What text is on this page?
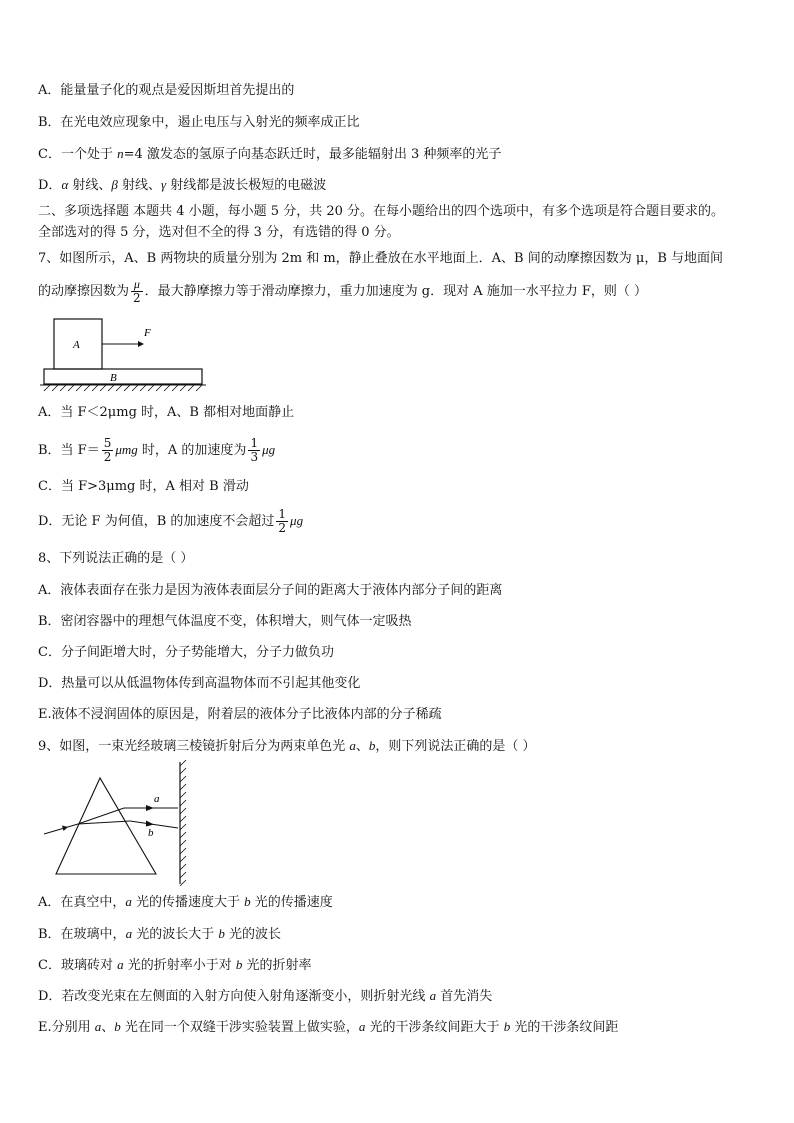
A．能量量子化的观点是爱因斯坦首先提出的
B．在光电效应现象中，遏止电压与入射光的频率成正比
C．一个处于 n=4 激发态的氢原子向基态跃迁时，最多能辐射出 3 种频率的光子
D．α 射线、β 射线、γ 射线都是波长极短的电磁波
二、多项选择题 本题共 4 小题，每小题 5 分，共 20 分。在每小题给出的四个选项中，有多个选项是符合题目要求的。
全部选对的得 5 分，选对但不全的得 3 分，有选错的得 0 分。
7、如图所示，A、B 两物块的质量分别为 2m 和 m，静止叠放在水平地面上．A、B 间的动摩擦因数为 μ，B 与地面间
的动摩擦因数为 $\frac{\mu}{2}$ ．最大静摩擦力等于滑动摩擦力，重力加速度为 g．现对 A 施加一水平拉力 F，则（ ）
A
F
B
A．当 F＜2μmg 时，A、B 都相对地面静止
B．当 $F= \frac{5}{2}$ μmg 时，A 的加速度为 $\frac{1}{3}$ μg
C．当 F>3μmg 时，A 相对 B 滑动
D．无论 F 为何值，B 的加速度不会超过 $\frac{1}{2}$ μg
8、下列说法正确的是（ ）
A．液体表面存在张力是因为液体表面层分子间的距离大于液体内部分子间的距离
B．密闭容器中的理想气体温度不变，体积增大，则气体一定吸热
C．分子间距增大时，分子势能增大，分子力做负功
D．热量可以从低温物体传到高温物体而不引起其他变化
E.液体不浸润固体的原因是，附着层的液体分子比液体内部的分子稀疏
9、如图，一束光经玻璃三棱镜折射后分为两束单色光 a、b，则下列说法正确的是（ ）
a
b
A．在真空中，a 光的传播速度大于 b 光的传播速度
B．在玻璃中，a 光的波长大于 b 光的波长
C．玻璃砖对 a 光的折射率小于对 b 光的折射率
D．若改变光束在左侧面的入射方向使入射角逐渐变小，则折射光线 a 首先消失
E.分别用 a、b 光在同一个双缝干涉实验装置上做实验，a 光的干涉条纹间距大于 b 光的干涉条纹间距
